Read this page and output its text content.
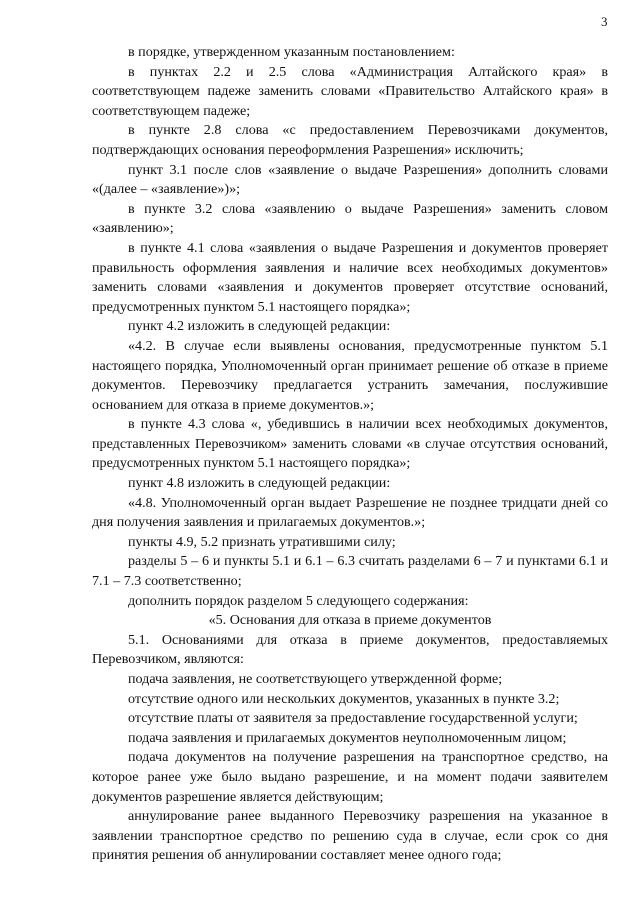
3

в порядке, утвержденном указанным постановлением:

в пунктах 2.2 и 2.5 слова «Администрация Алтайского края» в соответствующем падеже заменить словами «Правительство Алтайского края» в соответствующем падеже;

в пункте 2.8 слова «с предоставлением Перевозчиками документов, подтверждающих основания переоформления Разрешения» исключить;

пункт 3.1 после слов «заявление о выдаче Разрешения» дополнить словами «(далее – «заявление»)»;

в пункте 3.2 слова «заявлению о выдаче Разрешения» заменить словом «заявлению»;

в пункте 4.1 слова «заявления о выдаче Разрешения и документов проверяет правильность оформления заявления и наличие всех необходимых документов» заменить словами «заявления и документов проверяет отсутствие оснований, предусмотренных пунктом 5.1 настоящего порядка»;

пункт 4.2 изложить в следующей редакции:

«4.2. В случае если выявлены основания, предусмотренные пунктом 5.1 настоящего порядка, Уполномоченный орган принимает решение об отказе в приеме документов. Перевозчику предлагается устранить замечания, послужившие основанием для отказа в приеме документов.»;

в пункте 4.3 слова «, убедившись в наличии всех необходимых документов, представленных Перевозчиком» заменить словами «в случае отсутствия оснований, предусмотренных пунктом 5.1 настоящего порядка»;

пункт 4.8 изложить в следующей редакции:

«4.8. Уполномоченный орган выдает Разрешение не позднее тридцати дней со дня получения заявления и прилагаемых документов.»;

пункты 4.9, 5.2 признать утратившими силу;

разделы 5 – 6 и пункты 5.1 и 6.1 – 6.3 считать разделами 6 – 7 и пунктами 6.1 и 7.1 – 7.3 соответственно;

дополнить порядок разделом 5 следующего содержания:

«5. Основания для отказа в приеме документов

5.1. Основаниями для отказа в приеме документов, предоставляемых Перевозчиком, являются:

подача заявления, не соответствующего утвержденной форме;

отсутствие одного или нескольких документов, указанных в пункте 3.2;

отсутствие платы от заявителя за предоставление государственной услуги;

подача заявления и прилагаемых документов неуполномоченным лицом;

подача документов на получение разрешения на транспортное средство, на которое ранее уже было выдано разрешение, и на момент подачи заявителем документов разрешение является действующим;

аннулирование ранее выданного Перевозчику разрешения на указанное в заявлении транспортное средство по решению суда в случае, если срок со дня принятия решения об аннулировании составляет менее одного года;
